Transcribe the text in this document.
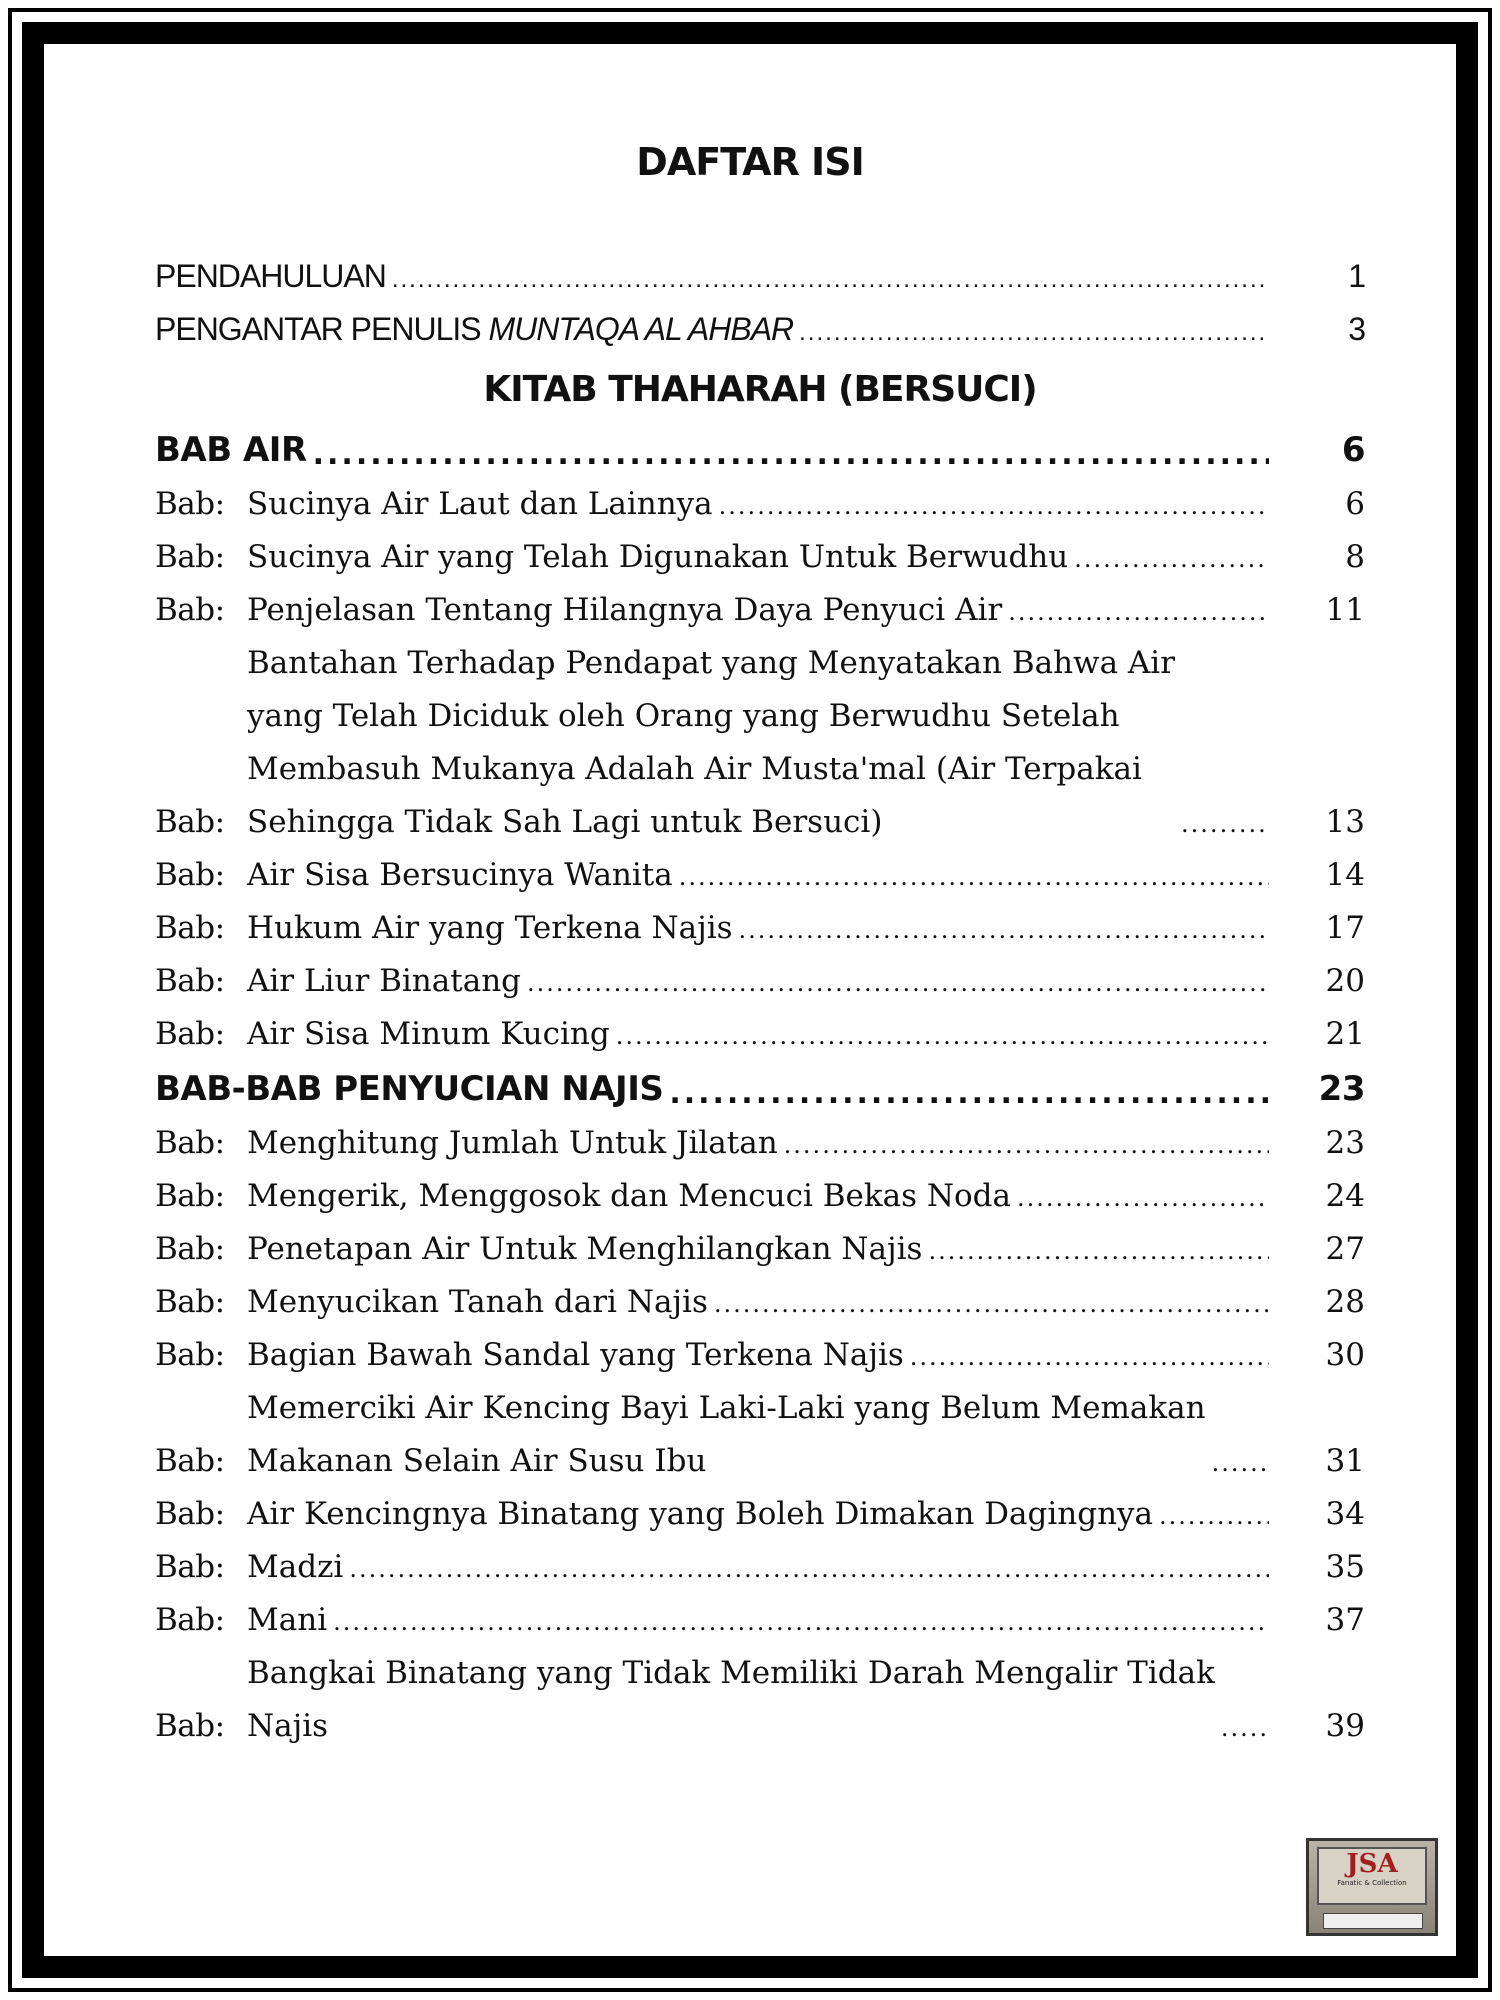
DAFTAR ISI
PENDAHULUAN .....	1
PENGANTAR PENULIS MUNTAQA AL AHBAR .....	3
KITAB THAHARAH (BERSUCI)
BAB AIR .....	6
Bab: Sucinya Air Laut dan Lainnya .....	6
Bab: Sucinya Air yang Telah Digunakan Untuk Berwudhu .....	8
Bab: Penjelasan Tentang Hilangnya Daya Penyuci Air .....	11
Bab:
Bantahan Terhadap Pendapat yang Menyatakan Bahwa Air
yang Telah Diciduk oleh Orang yang Berwudhu Setelah
Membasuh Mukanya Adalah Air Musta'mal (Air Terpakai
Sehingga Tidak Sah Lagi untuk Bersuci) .....	13
Bab: Air Sisa Bersucinya Wanita .....	14
Bab: Hukum Air yang Terkena Najis .....	17
Bab: Air Liur Binatang .....	20
Bab: Air Sisa Minum Kucing .....	21
BAB-BAB PENYUCIAN NAJIS .....	23
Bab: Menghitung Jumlah Untuk Jilatan .....	23
Bab: Mengerik, Menggosok dan Mencuci Bekas Noda .....	24
Bab: Penetapan Air Untuk Menghilangkan Najis .....	27
Bab: Menyucikan Tanah dari Najis .....	28
Bab: Bagian Bawah Sandal yang Terkena Najis .....	30
Bab:
Memerciki Air Kencing Bayi Laki-Laki yang Belum Memakan
Makanan Selain Air Susu Ibu .....	31
Bab: Air Kencingnya Binatang yang Boleh Dimakan Dagingnya .....	34
Bab: Madzi .....	35
Bab: Mani .....	37
Bab:
Bangkai Binatang yang Tidak Memiliki Darah Mengalir Tidak
Najis .....	39
JSA
Fanatic & Collection
